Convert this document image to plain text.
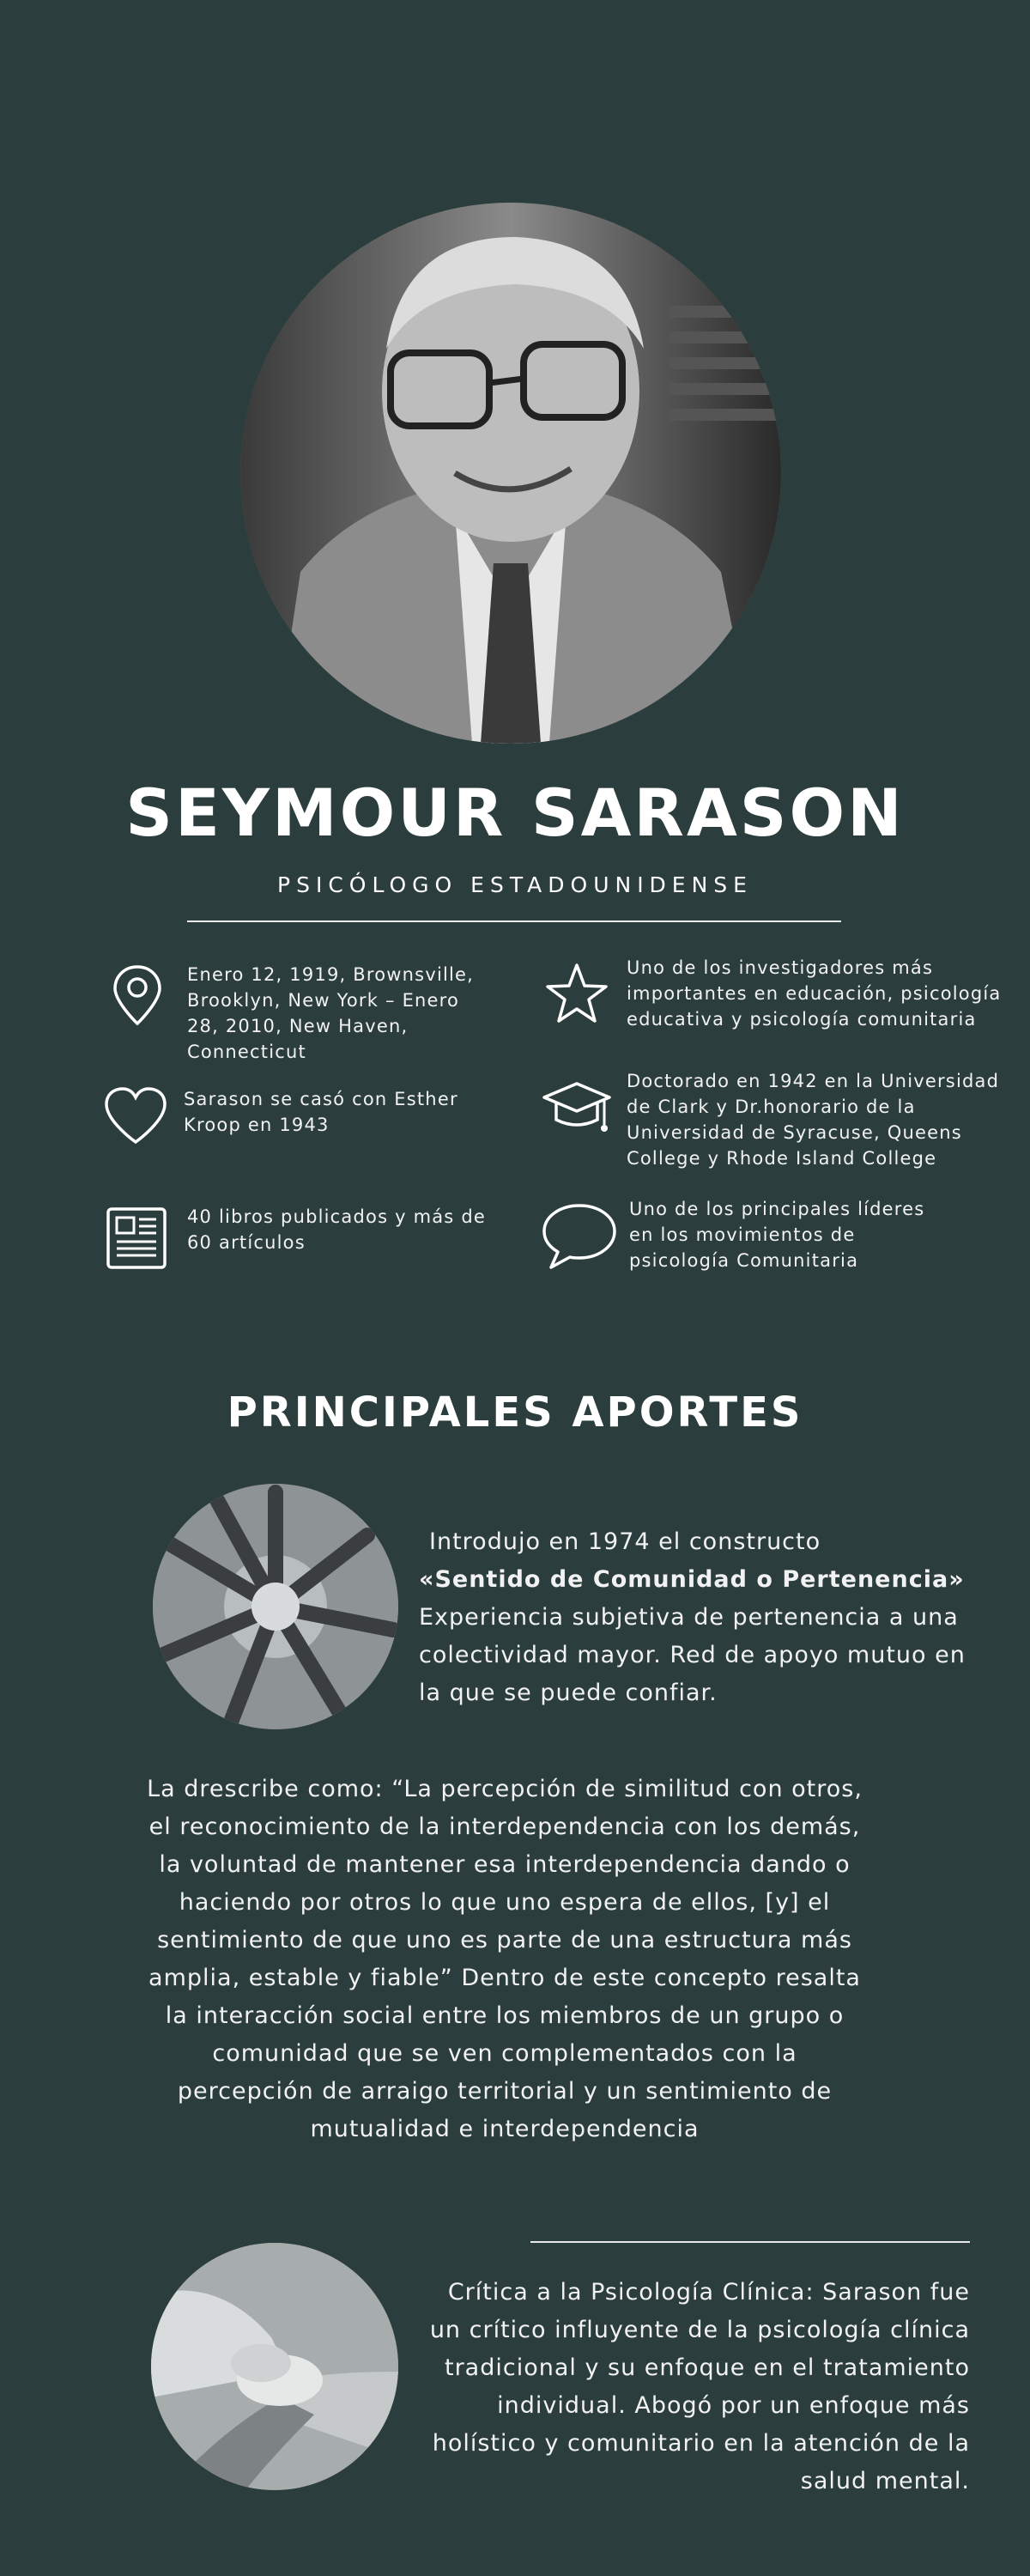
SEYMOUR SARASON
PSICÓLOGO ESTADOUNIDENSE
Enero 12, 1919, Brownsville, Brooklyn, New York – Enero 28, 2010, New Haven, Connecticut
Sarason se casó con Esther Kroop en 1943
40 libros publicados y más de 60 artículos
Uno de los investigadores más importantes en educación, psicología educativa y psicología comunitaria
Doctorado en 1942 en la Universidad de Clark y Dr.honorario de la Universidad de Syracuse, Queens College y Rhode Island College
Uno de los principales líderes en los movimientos de psicología Comunitaria
PRINCIPALES APORTES
Introdujo en 1974 el constructo
«Sentido de Comunidad o Pertenencia»
Experiencia subjetiva de pertenencia a una colectividad mayor. Red de apoyo mutuo en la que se puede confiar.
La drescribe como: “La percepción de similitud con otros, el reconocimiento de la interdependencia con los demás, la voluntad de mantener esa interdependencia dando o haciendo por otros lo que uno espera de ellos, [y] el sentimiento de que uno es parte de una estructura más amplia, estable y fiable” Dentro de este concepto resalta la interacción social entre los miembros de un grupo o comunidad que se ven complementados con la percepción de arraigo territorial y un sentimiento de mutualidad e interdependencia
Crítica a la Psicología Clínica: Sarason fue un crítico influyente de la psicología clínica tradicional y su enfoque en el tratamiento individual. Abogó por un enfoque más holístico y comunitario en la atención de la salud mental.
